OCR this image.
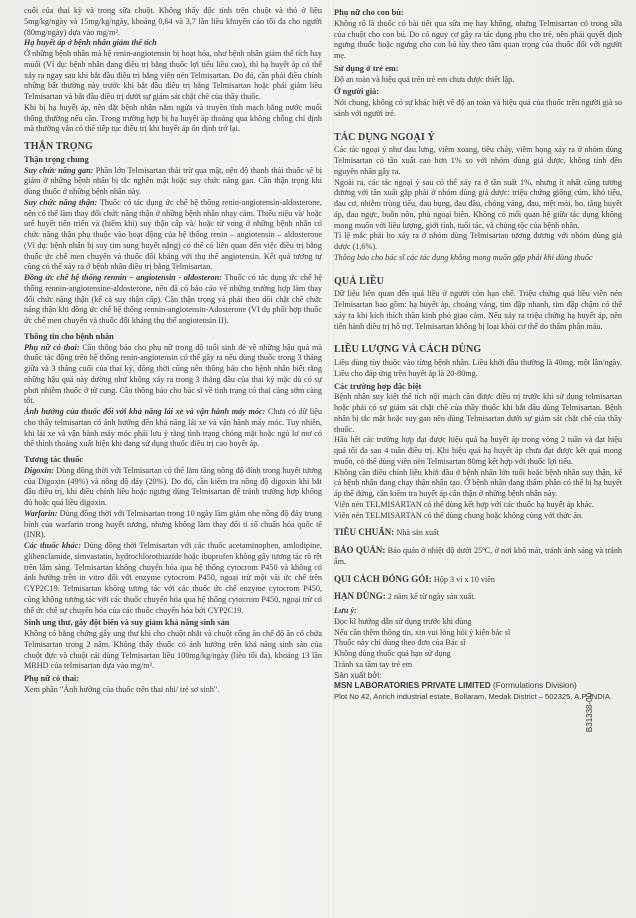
cuối của thai kỳ và trong sữa chuột. Không thấy độc tính trên chuột và thỏ ở liều 5mg/kg/ngày và 15mg/kg/ngày, khoảng 0,64 và 3,7 lần liều khuyến cáo tối đa cho người (80mg/ngày) dựa vào mg/m².

Hạ huyết áp ở bệnh nhân giảm thể tích

Ở những bệnh nhân mà hệ renin-angiotensin bị hoạt hóa, như bệnh nhân giảm thể tích hay muối (Ví dụ: bệnh nhân đang điều trị bằng thuốc lợi tiểu liều cao), thì hạ huyết áp có thể xảy ra ngay sau khi bắt đầu điều trị bằng viên nén Telmisartan. Do đó, cần phải điều chỉnh những bất thường này trước khi bắt đầu điều trị bằng Telmisartan hoặc phải giảm liều Telmisartan và bắt đầu điều trị dưới sự giám sát chặt chẽ của thầy thuốc.

Khi bị hạ huyết áp, nên đặt bệnh nhân nằm ngửa và truyền tĩnh mạch bằng nước muối thông thường nếu cần. Trong trường hợp bị hạ huyết áp thoáng qua không chống chỉ định mà thường vẫn có thể tiếp tục điều trị khi huyết áp ổn định trở lại.

THẬN TRỌNG
Thận trọng chung

Suy chức năng gan: Phần lớn Telmisartan thải trừ qua mật, nên độ thanh thải thuốc sẽ bị giảm ở những bệnh nhân bị tắc nghẽn mật hoặc suy chức năng gan. Cần thận trọng khi dùng thuốc ở những bệnh nhân này.

Suy chức năng thận: Thuốc có tác dụng ức chế hệ thống renin-angiotensin-aldosterone, nên có thể làm thay đổi chức năng thận ở những bệnh nhân nhạy cảm. Thiểu niệu và/ hoặc urê huyết tiến triển và (hiếm khi) suy thận cấp và/ hoặc tử vong ở những bệnh nhân có chức năng thận phụ thuộc vào hoạt động của hệ thống renin – angiotensin – aldosterone (Ví dụ: bệnh nhân bị suy tim sung huyết nặng) có thể có liên quan đến việc điều trị bằng thuốc ức chế men chuyển và thuốc đối kháng với thụ thể angiotensin. Kết quả tương tự cũng có thể xảy ra ở bệnh nhân điều trị bằng Telmisartan.

Đồng ức chế hệ thống rennin – angiotensin - aldosteron: Thuốc có tác dụng ức chế hệ thống rennin-angiotensine-aldosterone, nên đã có báo cáo về những trường hợp làm thay đổi chức năng thận (kể cả suy thận cấp). Cần thận trọng và phải theo dõi chặt chẽ chức năng thận khi đồng ức chế hệ thống rennin-angiotensin-Adosterone (VI dụ phối hợp thuốc ức chế men chuyển và thuốc đối kháng thụ thể angiotensin II).

Thông tin cho bệnh nhân

Phụ nữ có thai: Cần thông báo cho phụ nữ trong độ tuổi sinh đẻ về những hậu quả mà thuốc tác động trên hệ thống renin-angiotensin có thể gây ra nếu dùng thuốc trong 3 tháng giữa và 3 tháng cuối của thai kỳ, đồng thời cũng nên thông báo cho bệnh nhân biết rằng những hậu quả này dường như không xảy ra trong 3 tháng đầu của thai kỳ mặc dù có sự phơi nhiễm thuốc ở tử cung. Cần thông báo cho bác sĩ về tình trạng có thai càng sớm càng tốt.

Ảnh hưởng của thuốc đối với khả năng lái xe và vận hành máy móc: Chưa có dữ liệu cho thấy telmisartan có ảnh hưởng đến khả năng lái xe và vận hành máy móc. Tuy nhiên, khi lái xe và vận hành máy móc phải lưu ý rằng tình trạng chóng mặt hoặc ngủ lơ mơ có thể thỉnh thoảng xuất hiện khi đang sử dụng thuốc điều trị cao huyết áp.

Tương tác thuốc

Digoxin: Dùng đồng thời với Telmisartan có thể làm tăng nồng độ đỉnh trong huyết tương của Digoxin (49%) và nồng độ đáy (20%). Do đó, cần kiểm tra nồng độ digoxin khi bắt đầu điều trị, khi điều chỉnh liều hoặc ngưng dùng Telmisartan để tránh trường hợp không đủ hoặc quá liều digoxin.

Warfarin: Dùng đồng thời với Telmisartan trong 10 ngày làm giảm nhẹ nồng độ đáy trung bình của warfarin trong huyết tương, nhưng không làm thay đổi tỉ số chuẩn hóa quốc tế (INR).

Các thuốc khác: Dùng đồng thời Telmisartan với các thuốc acetaminophen, amlodipine, glibenclamide, simvastatin, hydrochlorothiazide hoặc ibuprofen không gây tương tác rõ rệt trên lâm sàng. Telmisartan không chuyển hóa qua hệ thống cytocrom P450 và không có ảnh hưởng trên in vitro đối với enzyme cytocrom P450, ngoại trừ một vài ức chế trên CYP2C19. Telmisartan không tương tác với các thuốc ức chế enzyme cytocrom P450, cũng không tương tác với các thuốc chuyển hóa qua hệ thống cytocrom P450, ngoại trừ có thể ức chế sự chuyển hóa của các thuốc chuyển hóa bởi CYP2C19.

Sinh ung thư, gây đột biến và suy giảm khả năng sinh sản

Không có bằng chứng gây ung thư khi cho chuột nhắt và chuột cống ăn chế độ ăn có chứa Telmisartan trong 2 năm. Không thấy thuốc có ảnh hưởng trên khả năng sinh sản của chuột đực và chuột cái dùng Telmisartan liều 100mg/kg/ngày (liều tối đa), khoảng 13 lần MRHD của telmisartan dựa vào mg/m².

Phụ nữ có thai:

Xem phần "Ảnh hưởng của thuốc trên thai nhi/ trẻ sơ sinh".

Phụ nữ cho con bú:

Không rõ là thuốc có bài tiết qua sữa mẹ hay không, nhưng Telmisartan có trong sữa của chuột cho con bú. Do có nguy cơ gây ra tác dụng phụ cho trẻ, nên phải quyết định ngưng thuốc hoặc ngưng cho con bú tùy theo tầm quan trọng của thuốc đối với người mẹ.

Sử dụng ở trẻ em:

Độ an toàn và hiệu quả trên trẻ em chưa được thiết lập.

Ở người già:

Nói chung, không có sự khác biệt về độ an toàn và hiệu quả của thuốc trên người già so sánh với người trẻ.

TÁC DỤNG NGOẠI Ý

Các tác ngoại ý như đau lưng, viêm xoang, tiêu chảy, viêm họng xảy ra ở nhóm dùng Telmisartan có tần xuất cao hơn 1% so với nhóm dùng giả dược, không tính đến nguyên nhân gây ra.

Ngoài ra, các tác ngoại ý sau có thể xảy ra ở tần suất 1%, nhưng ít nhất cũng tương đương với tần xuất gặp phải ở nhóm dùng giả dược: triệu chứng giống cúm, khó tiêu, đau cơ, nhiễm trùng tiểu, đau bụng, đau đầu, chóng váng, đau, mệt mỏi, ho, tăng huyết áp, đau ngực, buồn nôn, phù ngoại biên. Không có mối quan hệ giữa tác dụng không mong muốn với liều lượng, giới tính, tuổi tác, và chủng tộc của bệnh nhân.

Tỉ lệ mắc phải ho xảy ra ở nhóm dùng Telmisartan tương đương với nhóm dùng giả dược (1,6%).

Thông báo cho bác sĩ các tác dụng không mong muốn gặp phải khi dùng thuốc

QUÁ LIỀU

Dữ liệu liên quan đến quá liều ở người còn hạn chế. Triệu chứng quá liều viên nén Telmisartan bao gồm: hạ huyết áp, choáng váng, tim đập nhanh, tim đập chậm có thể xảy ra khi kích thích thần kinh phó giao cảm. Nếu xảy ra triệu chứng hạ huyết áp, nên tiến hành điều trị hỗ trợ. Telmisartan không bị loại khỏi cơ thể do thẩm phân máu.

LIỀU LƯỢNG VÀ CÁCH DÙNG

Liều dùng tùy thuộc vào từng bệnh nhân. Liều khởi đầu thường là 40mg, một lần/ngày. Liều cho đáp ứng trên huyết áp là 20-80mg.

Các trường hợp đặc biệt

Bệnh nhân suy kiệt thể tích nội mạch cần được điều trị trước khi sử dụng telmisartan hoặc phải có sự giám sát chặt chẽ của thầy thuốc khi bắt đầu dùng Telmisartan. Bệnh nhân bị tắc mật hoặc suy gan nên dùng Telmisartan dưới sự giám sát chặt chẽ của thầy thuốc.

Hầu hết các trường hợp đạt được hiệu quả hạ huyết áp trong vòng 2 tuần và đạt hiệu quả tối đa sau 4 tuần điều trị. Khi hiệu quả hạ huyết áp chưa đạt được kết quả mong muốn, có thể dùng viên nén Telmisartan 80mg kết hợp với thuốc lợi tiểu.

Không cần điều chỉnh liều khởi đầu ở bệnh nhân lớn tuổi hoặc bệnh nhân suy thận, kể cả bệnh nhân đang chạy thận nhân tạo. Ở bệnh nhân đang thẩm phân có thể bị hạ huyết áp thế đứng, cần kiểm tra huyết áp cẩn thận ở những bệnh nhân này.

Viên nén TELMISARTAN có thể dùng kết hợp với các thuốc hạ huyết áp khác.

Viên nén TELMISARTAN có thể dùng chung hoặc không cùng với thức ăn.

TIÊU CHUẨN: Nhà sản xuất

BẢO QUẢN: Bảo quản ở nhiệt độ dưới 25ºC, ở nơi khô mát, tránh ánh sáng và tránh ẩm.

QUI CÁCH ĐÓNG GÓI: Hộp 3 vỉ x 10 viên

HẠN DÙNG: 2 năm kể từ ngày sản xuất.

Lưu ý:

Đọc kĩ hướng dẫn sử dụng trước khi dùng

Nếu cần thêm thông tin, xin vui lòng hỏi ý kiến bác sĩ

Thuốc này chỉ dùng theo đơn của Bác sĩ

Không dùng thuốc quá hạn sử dụng

Tránh xa tầm tay trẻ em

Sản xuất bởi:

MSN LABORATORIES PRIVATE LIMITED (Formulations Division)

Plot No 42, Anrich industrial estate, Bollaram, Medak District – 502325, A.P, INDIA.

B31338-00
